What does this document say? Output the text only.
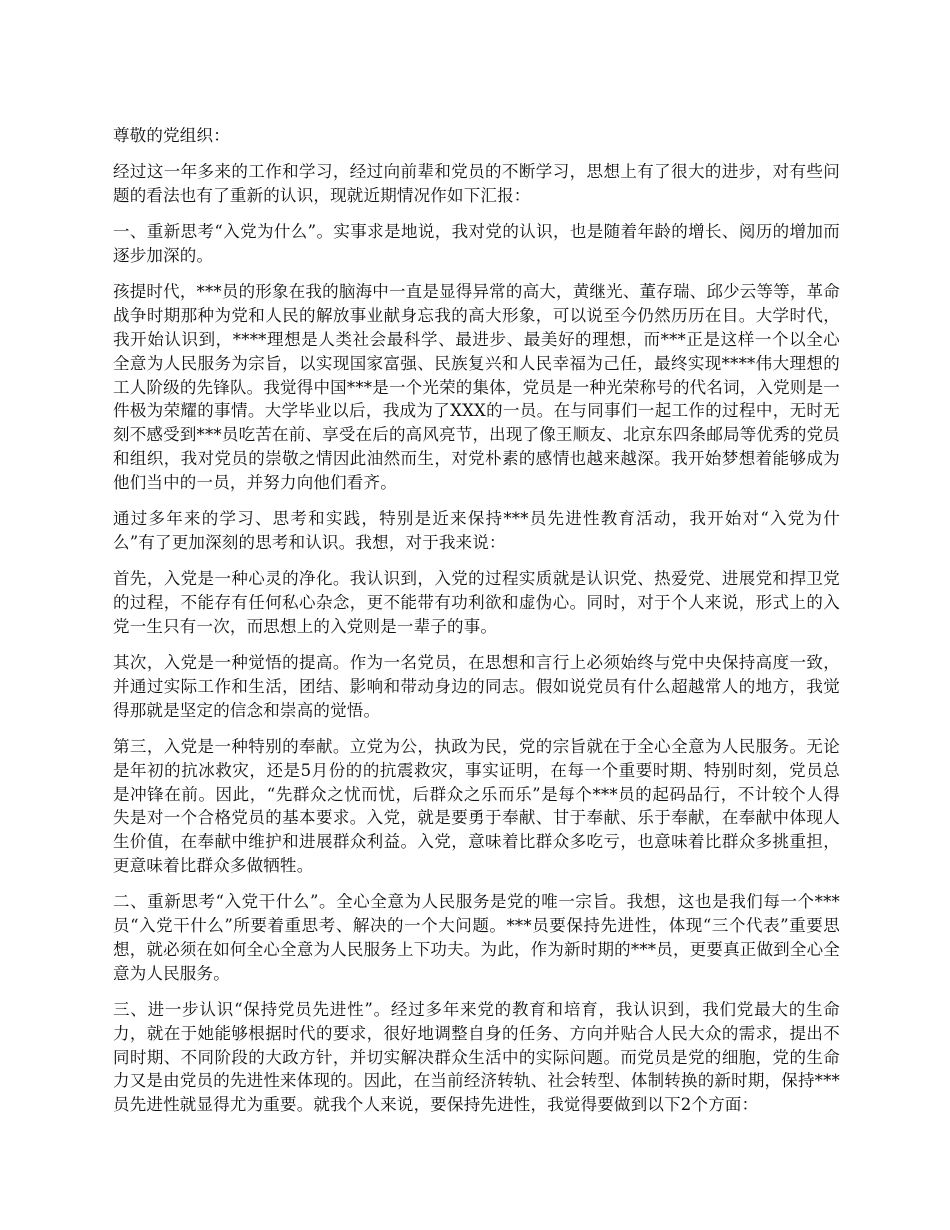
尊敬的党组织：

经过这一年多来的工作和学习，经过向前辈和党员的不断学习，思想上有了很大的进步，对有些问题的看法也有了重新的认识，现就近期情况作如下汇报：

一、重新思考“入党为什么”。实事求是地说，我对党的认识，也是随着年龄的增长、阅历的增加而逐步加深的。

孩提时代，***员的形象在我的脑海中一直是显得异常的高大，黄继光、董存瑞、邱少云等等，革命战争时期那种为党和人民的解放事业献身忘我的高大形象，可以说至今仍然历历在目。大学时代，我开始认识到，****理想是人类社会最科学、最进步、最美好的理想，而***正是这样一个以全心全意为人民服务为宗旨，以实现国家富强、民族复兴和人民幸福为己任，最终实现****伟大理想的工人阶级的先锋队。我觉得中国***是一个光荣的集体，党员是一种光荣称号的代名词，入党则是一件极为荣耀的事情。大学毕业以后，我成为了XXX的一员。在与同事们一起工作的过程中，无时无刻不感受到***员吃苦在前、享受在后的高风亮节，出现了像王顺友、北京东四条邮局等优秀的党员和组织，我对党员的崇敬之情因此油然而生，对党朴素的感情也越来越深。我开始梦想着能够成为他们当中的一员，并努力向他们看齐。

通过多年来的学习、思考和实践，特别是近来保持***员先进性教育活动，我开始对“入党为什么”有了更加深刻的思考和认识。我想，对于我来说：

首先，入党是一种心灵的净化。我认识到，入党的过程实质就是认识党、热爱党、进展党和捍卫党的过程，不能存有任何私心杂念，更不能带有功利欲和虚伪心。同时，对于个人来说，形式上的入党一生只有一次，而思想上的入党则是一辈子的事。

其次，入党是一种觉悟的提高。作为一名党员，在思想和言行上必须始终与党中央保持高度一致，并通过实际工作和生活，团结、影响和带动身边的同志。假如说党员有什么超越常人的地方，我觉得那就是坚定的信念和崇高的觉悟。

第三，入党是一种特别的奉献。立党为公，执政为民，党的宗旨就在于全心全意为人民服务。无论是年初的抗冰救灾，还是5月份的的抗震救灾，事实证明，在每一个重要时期、特别时刻，党员总是冲锋在前。因此，“先群众之忧而忧，后群众之乐而乐”是每个***员的起码品行，不计较个人得失是对一个合格党员的基本要求。入党，就是要勇于奉献、甘于奉献、乐于奉献，在奉献中体现人生价值，在奉献中维护和进展群众利益。入党，意味着比群众多吃亏，也意味着比群众多挑重担，更意味着比群众多做牺牲。

二、重新思考“入党干什么”。全心全意为人民服务是党的唯一宗旨。我想，这也是我们每一个***员“入党干什么”所要着重思考、解决的一个大问题。***员要保持先进性，体现“三个代表”重要思想，就必须在如何全心全意为人民服务上下功夫。为此，作为新时期的***员，更要真正做到全心全意为人民服务。

三、进一步认识“保持党员先进性”。经过多年来党的教育和培育，我认识到，我们党最大的生命力，就在于她能够根据时代的要求，很好地调整自身的任务、方向并贴合人民大众的需求，提出不同时期、不同阶段的大政方针，并切实解决群众生活中的实际问题。而党员是党的细胞，党的生命力又是由党员的先进性来体现的。因此，在当前经济转轨、社会转型、体制转换的新时期，保持***员先进性就显得尤为重要。就我个人来说，要保持先进性，我觉得要做到以下2个方面：
